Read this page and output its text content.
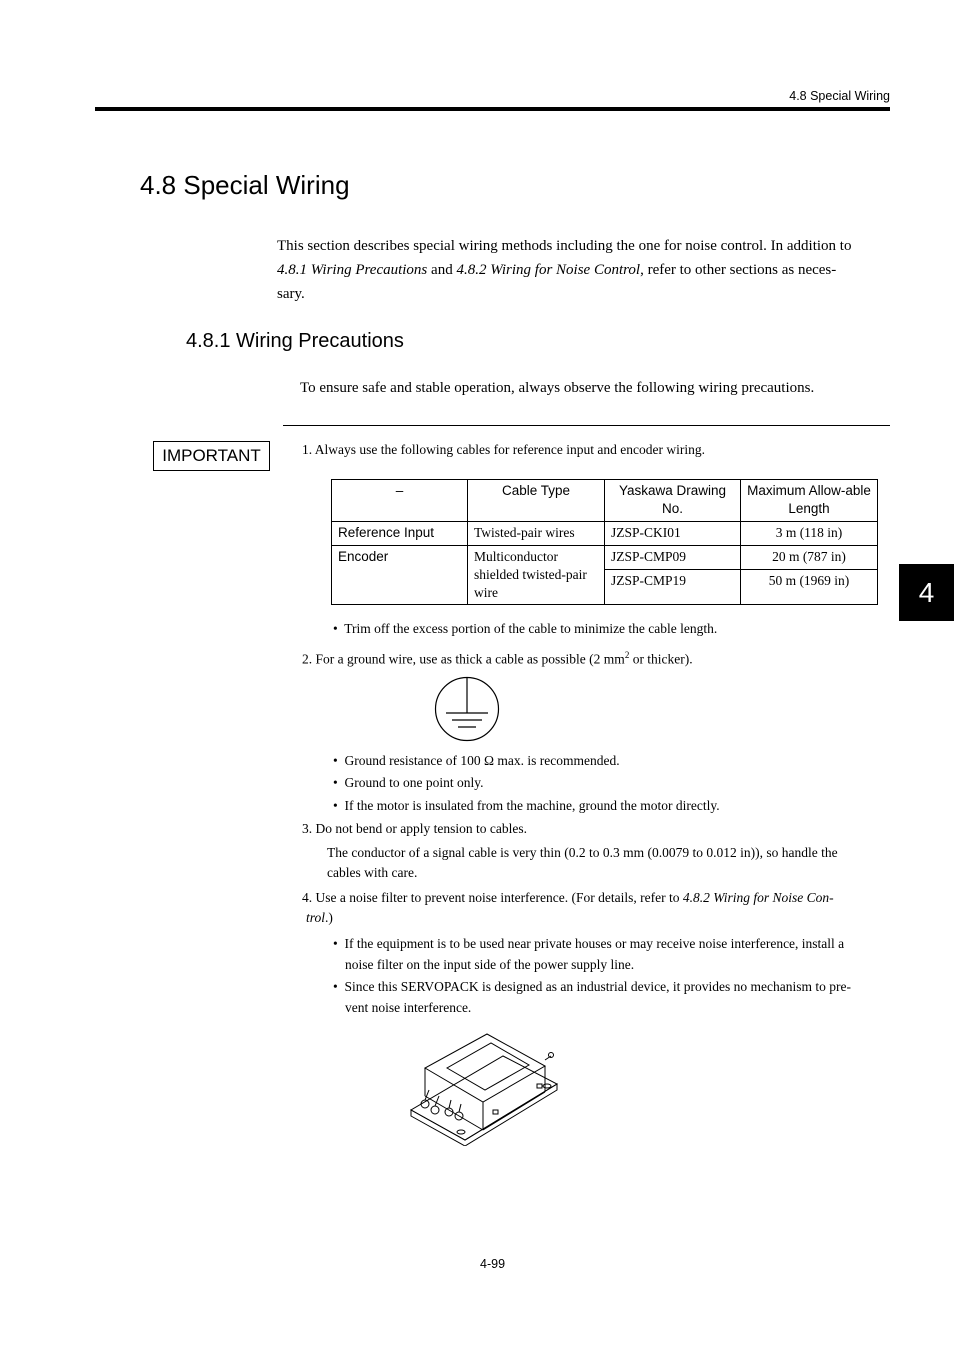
4.8 Special Wiring
4.8 Special Wiring
This section describes special wiring methods including the one for noise control. In addition to
4.8.1 Wiring Precautions and 4.8.2 Wiring for Noise Control, refer to other sections as neces-
sary.
4.8.1 Wiring Precautions
To ensure safe and stable operation, always observe the following wiring precautions.
IMPORTANT	1. Always use the following cables for reference input and encoder wiring.
–	Cable Type	Yaskawa Drawing No.	Maximum Allow-able Length
Reference Input	Twisted-pair wires	JZSP-CKI01	3 m (118 in)
Encoder	Multiconductor shielded twisted-pair wire	JZSP-CMP09	20 m (787 in)
		JZSP-CMP19	50 m (1969 in)
•  Trim off the excess portion of the cable to minimize the cable length.
2. For a ground wire, use as thick a cable as possible (2 $mm^2$ or thicker).
•  Ground resistance of 100 Ω max. is recommended.
•  Ground to one point only.
•  If the motor is insulated from the machine, ground the motor directly.
3. Do not bend or apply tension to cables.
The conductor of a signal cable is very thin (0.2 to 0.3 mm (0.0079 to 0.012 in)), so handle the
cables with care.
4. Use a noise filter to prevent noise interference. (For details, refer to 4.8.2 Wiring for Noise Con-
trol.)
•  If the equipment is to be used near private houses or may receive noise interference, install a
noise filter on the input side of the power supply line.
•  Since this SERVOPACK is designed as an industrial device, it provides no mechanism to pre-
vent noise interference.
4
4-99
